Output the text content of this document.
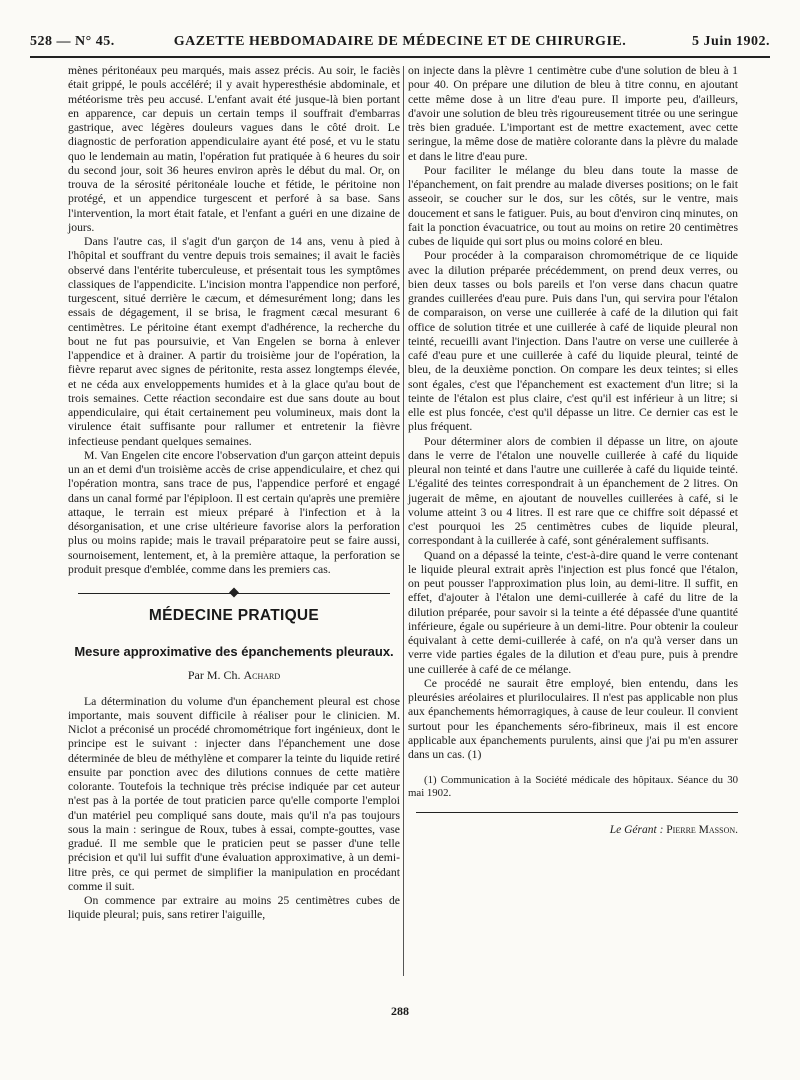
528 — N° 45.	GAZETTE HEBDOMADAIRE DE MÉDECINE ET DE CHIRURGIE.	5 Juin 1902.

mènes péritonéaux peu marqués, mais assez précis. Au soir, le faciès était grippé, le pouls accéléré; il y avait hyperesthésie abdominale, et météorisme très peu accusé. L'enfant avait été jusque-là bien portant en apparence, car depuis un certain temps il souffrait d'embarras gastrique, avec légères douleurs vagues dans le côté droit. Le diagnostic de perforation appendiculaire ayant été posé, et vu le statu quo le lendemain au matin, l'opération fut pratiquée à 6 heures du soir du second jour, soit 36 heures environ après le début du mal. Or, on trouva de la sérosité péritonéale louche et fétide, le péritoine non protégé, et un appendice turgescent et perforé à sa base. Sans l'intervention, la mort était fatale, et l'enfant a guéri en une dizaine de jours.

Dans l'autre cas, il s'agit d'un garçon de 14 ans, venu à pied à l'hôpital et souffrant du ventre depuis trois semaines; il avait le faciès observé dans l'entérite tuberculeuse, et présentait tous les symptômes classiques de l'appendicite. L'incision montra l'appendice non perforé, turgescent, situé derrière le cæcum, et démesurément long; dans les essais de dégagement, il se brisa, le fragment cæcal mesurant 6 centimètres. Le péritoine étant exempt d'adhérence, la recherche du bout ne fut pas poursuivie, et Van Engelen se borna à enlever l'appendice et à drainer. A partir du troisième jour de l'opération, la fièvre reparut avec signes de péritonite, resta assez longtemps élevée, et ne céda aux enveloppements humides et à la glace qu'au bout de trois semaines. Cette réaction secondaire est due sans doute au bout appendiculaire, qui était certainement peu volumineux, mais dont la virulence était suffisante pour rallumer et entretenir la fièvre infectieuse pendant quelques semaines.

M. Van Engelen cite encore l'observation d'un garçon atteint depuis un an et demi d'un troisième accès de crise appendiculaire, et chez qui l'opération montra, sans trace de pus, l'appendice perforé et engagé dans un canal formé par l'épiploon. Il est certain qu'après une première attaque, le terrain est mieux préparé à l'infection et à la désorganisation, et une crise ultérieure favorise alors la perforation plus ou moins rapide; mais le travail préparatoire peut se faire aussi, sournoisement, lentement, et, à la première attaque, la perforation se produit presque d'emblée, comme dans les premiers cas.

MÉDECINE PRATIQUE
Mesure approximative des épanchements pleuraux.
Par M. Ch. Achard

La détermination du volume d'un épanchement pleural est chose importante, mais souvent difficile à réaliser pour le clinicien. M. Niclot a préconisé un procédé chromométrique fort ingénieux, dont le principe est le suivant : injecter dans l'épanchement une dose déterminée de bleu de méthylène et comparer la teinte du liquide retiré ensuite par ponction avec des dilutions connues de cette matière colorante. Toutefois la technique très précise indiquée par cet auteur n'est pas à la portée de tout praticien parce qu'elle comporte l'emploi d'un matériel peu compliqué sans doute, mais qu'il n'a pas toujours sous la main : seringue de Roux, tubes à essai, compte-gouttes, vase gradué. Il me semble que le praticien peut se passer d'une telle précision et qu'il lui suffit d'une évaluation approximative, à un demi-litre près, ce qui permet de simplifier la manipulation en procédant comme il suit.

On commence par extraire au moins 25 centimètres cubes de liquide pleural; puis, sans retirer l'aiguille,

on injecte dans la plèvre 1 centimètre cube d'une solution de bleu à 1 pour 40. On prépare une dilution de bleu à titre connu, en ajoutant cette même dose à un litre d'eau pure. Il importe peu, d'ailleurs, d'avoir une solution de bleu très rigoureusement titrée ou une seringue très bien graduée. L'important est de mettre exactement, avec cette seringue, la même dose de matière colorante dans la plèvre du malade et dans le litre d'eau pure.

Pour faciliter le mélange du bleu dans toute la masse de l'épanchement, on fait prendre au malade diverses positions; on le fait asseoir, se coucher sur le dos, sur les côtés, sur le ventre, mais doucement et sans le fatiguer. Puis, au bout d'environ cinq minutes, on fait la ponction évacuatrice, ou tout au moins on retire 20 centimètres cubes de liquide qui sort plus ou moins coloré en bleu.

Pour procéder à la comparaison chromométrique de ce liquide avec la dilution préparée précédemment, on prend deux verres, ou bien deux tasses ou bols pareils et l'on verse dans chacun quatre grandes cuillerées d'eau pure. Puis dans l'un, qui servira pour l'étalon de comparaison, on verse une cuillerée à café de la dilution qui fait office de solution titrée et une cuillerée à café de liquide pleural non teinté, recueilli avant l'injection. Dans l'autre on verse une cuillerée à café d'eau pure et une cuillerée à café du liquide pleural, teinté de bleu, de la deuxième ponction. On compare les deux teintes; si elles sont égales, c'est que l'épanchement est exactement d'un litre; si la teinte de l'étalon est plus claire, c'est qu'il est inférieur à un litre; si elle est plus foncée, c'est qu'il dépasse un litre. Ce dernier cas est le plus fréquent.

Pour déterminer alors de combien il dépasse un litre, on ajoute dans le verre de l'étalon une nouvelle cuillerée à café du liquide pleural non teinté et dans l'autre une cuillerée à café du liquide teinté. L'égalité des teintes correspondrait à un épanchement de 2 litres. On jugerait de même, en ajoutant de nouvelles cuillerées à café, si le volume atteint 3 ou 4 litres. Il est rare que ce chiffre soit dépassé et c'est pourquoi les 25 centimètres cubes de liquide pleural, correspondant à la cuillerée à café, sont généralement suffisants.

Quand on a dépassé la teinte, c'est-à-dire quand le verre contenant le liquide pleural extrait après l'injection est plus foncé que l'étalon, on peut pousser l'approximation plus loin, au demi-litre. Il suffit, en effet, d'ajouter à l'étalon une demi-cuillerée à café du litre de la dilution préparée, pour savoir si la teinte a été dépassée d'une quantité inférieure, égale ou supérieure à un demi-litre. Pour obtenir la couleur équivalant à cette demi-cuillerée à café, on n'a qu'à verser dans un verre vide parties égales de la dilution et d'eau pure, puis à prendre une cuillerée à café de ce mélange.

Ce procédé ne saurait être employé, bien entendu, dans les pleurésies aréolaires et pluriloculaires. Il n'est pas applicable non plus aux épanchements hémorragiques, à cause de leur couleur. Il convient surtout pour les épanchements séro-fibrineux, mais il est encore applicable aux épanchements purulents, ainsi que j'ai pu m'en assurer dans un cas. (1)

(1) Communication à la Société médicale des hôpitaux. Séance du 30 mai 1902.

Le Gérant : Pierre Masson.

288
